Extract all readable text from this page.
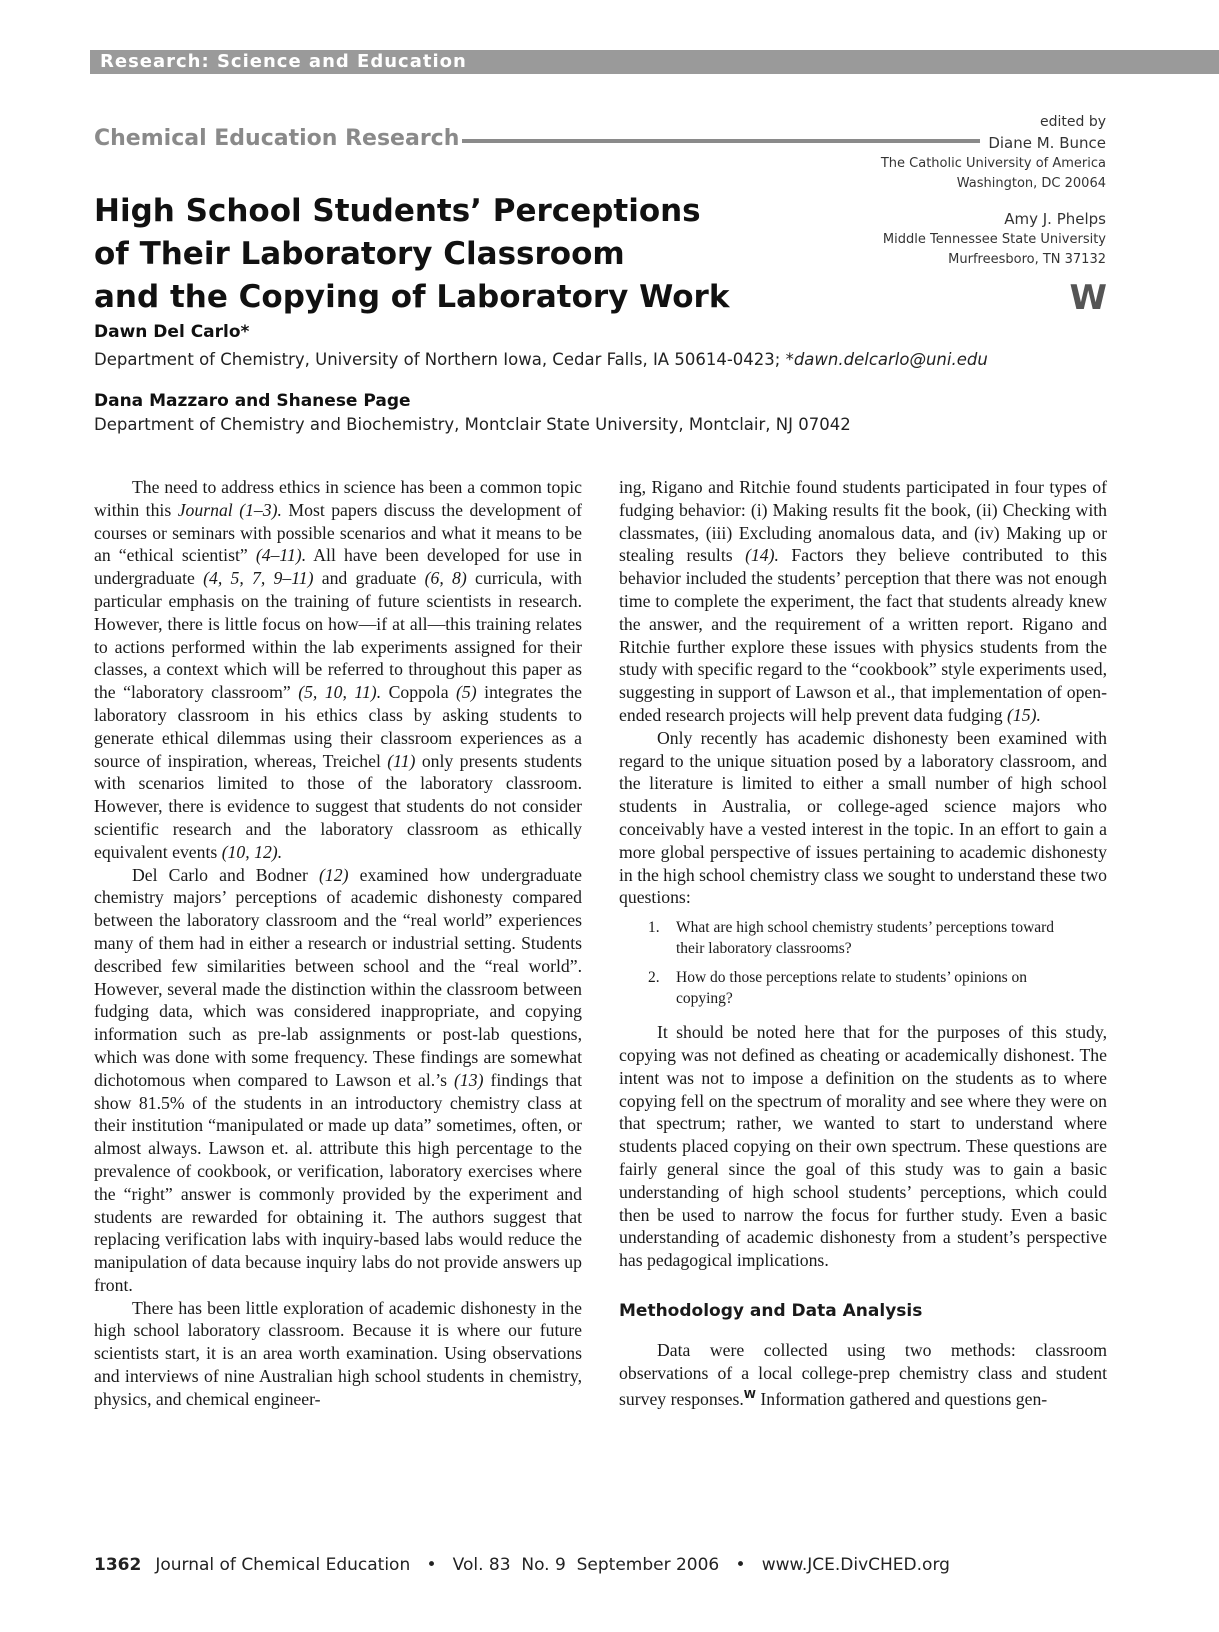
Research: Science and Education
Chemical Education Research
edited by
Diane M. Bunce
The Catholic University of America
Washington, DC 20064
Amy J. Phelps
Middle Tennessee State University
Murfreesboro, TN 37132
W
High School Students’ Perceptions
of Their Laboratory Classroom
and the Copying of Laboratory Work
Dawn Del Carlo*
Department of Chemistry, University of Northern Iowa, Cedar Falls, IA 50614-0423; *dawn.delcarlo@uni.edu
Dana Mazzaro and Shanese Page
Department of Chemistry and Biochemistry, Montclair State University, Montclair, NJ 07042

The need to address ethics in science has been a common topic within this Journal (1–3). Most papers discuss the development of courses or seminars with possible scenarios and what it means to be an “ethical scientist” (4–11). All have been developed for use in undergraduate (4, 5, 7, 9–11) and graduate (6, 8) curricula, with particular emphasis on the training of future scientists in research. However, there is little focus on how—if at all—this training relates to actions performed within the lab experiments assigned for their classes, a context which will be referred to throughout this paper as the “laboratory classroom” (5, 10, 11). Coppola (5) integrates the laboratory classroom in his ethics class by asking students to generate ethical dilemmas using their classroom experiences as a source of inspiration, whereas, Treichel (11) only presents students with scenarios limited to those of the laboratory classroom. However, there is evidence to suggest that students do not consider scientific research and the laboratory classroom as ethically equivalent events (10, 12).

Del Carlo and Bodner (12) examined how undergraduate chemistry majors’ perceptions of academic dishonesty compared between the laboratory classroom and the “real world” experiences many of them had in either a research or industrial setting. Students described few similarities between school and the “real world”. However, several made the distinction within the classroom between fudging data, which was considered inappropriate, and copying information such as pre-lab assignments or post-lab questions, which was done with some frequency. These findings are somewhat dichotomous when compared to Lawson et al.’s (13) findings that show 81.5% of the students in an introductory chemistry class at their institution “manipulated or made up data” sometimes, often, or almost always. Lawson et. al. attribute this high percentage to the prevalence of cookbook, or verification, laboratory exercises where the “right” answer is commonly provided by the experiment and students are rewarded for obtaining it. The authors suggest that replacing verification labs with inquiry-based labs would reduce the manipulation of data because inquiry labs do not provide answers up front.

There has been little exploration of academic dishonesty in the high school laboratory classroom. Because it is where our future scientists start, it is an area worth examination. Using observations and interviews of nine Australian high school students in chemistry, physics, and chemical engineer-

ing, Rigano and Ritchie found students participated in four types of fudging behavior: (i) Making results fit the book, (ii) Checking with classmates, (iii) Excluding anomalous data, and (iv) Making up or stealing results (14). Factors they believe contributed to this behavior included the students’ perception that there was not enough time to complete the experiment, the fact that students already knew the answer, and the requirement of a written report. Rigano and Ritchie further explore these issues with physics students from the study with specific regard to the “cookbook” style experiments used, suggesting in support of Lawson et al., that implementation of open-ended research projects will help prevent data fudging (15).

Only recently has academic dishonesty been examined with regard to the unique situation posed by a laboratory classroom, and the literature is limited to either a small number of high school students in Australia, or college-aged science majors who conceivably have a vested interest in the topic. In an effort to gain a more global perspective of issues pertaining to academic dishonesty in the high school chemistry class we sought to understand these two questions:

1.	What are high school chemistry students’ perceptions toward their laboratory classrooms?
2.	How do those perceptions relate to students’ opinions on copying?

It should be noted here that for the purposes of this study, copying was not defined as cheating or academically dishonest. The intent was not to impose a definition on the students as to where copying fell on the spectrum of morality and see where they were on that spectrum; rather, we wanted to start to understand where students placed copying on their own spectrum. These questions are fairly general since the goal of this study was to gain a basic understanding of high school students’ perceptions, which could then be used to narrow the focus for further study. Even a basic understanding of academic dishonesty from a student’s perspective has pedagogical implications.

Methodology and Data Analysis

Data were collected using two methods: classroom observations of a local college-prep chemistry class and student survey responses.$^W$ Information gathered and questions gen-

1362 Journal of Chemical Education   •   Vol. 83  No. 9  September 2006   •   www.JCE.DivCHED.org
